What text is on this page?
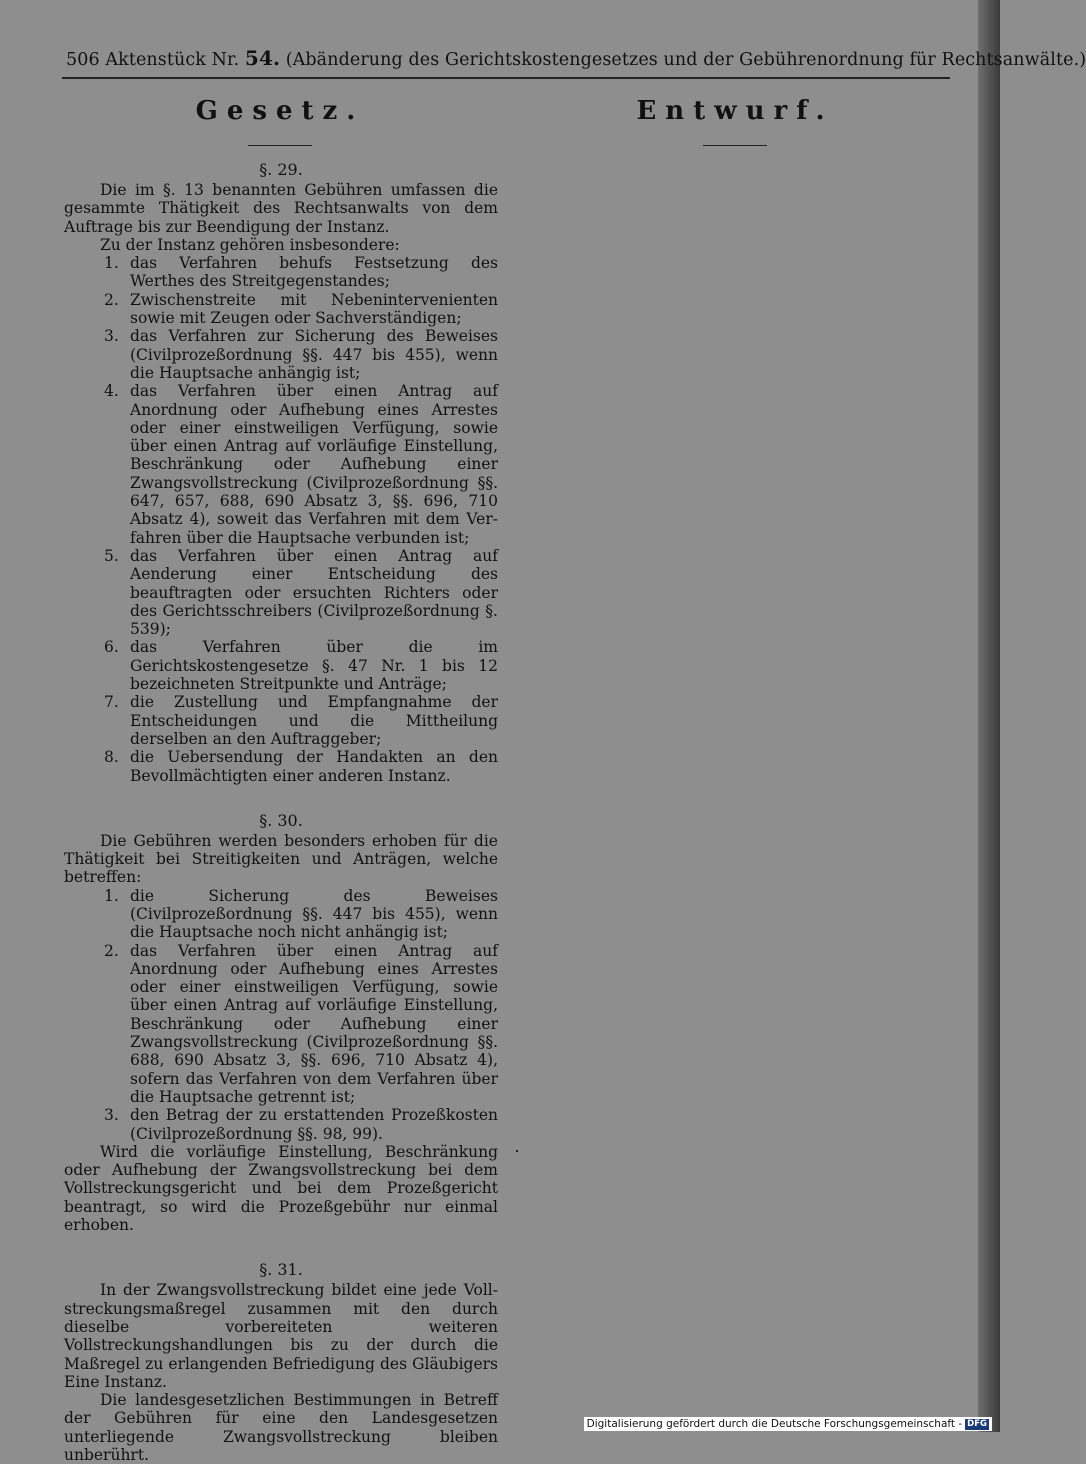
506 Aktenstück Nr. 54. (Abänderung des Gerichtskostengesetzes und der Gebührenordnung für Rechtsanwälte.)
Gesetz.	Entwurf.
§. 29.

Die im §. 13 benannten Gebühren umfassen die gesammte Thätigkeit des Rechtsanwalts von dem Auftrage bis zur Beendigung der Instanz.

Zu der Instanz gehören insbesondere:

1. das Verfahren behufs Festsetzung des Werthes des Streitgegenstandes;
2. Zwischenstreite mit Nebenintervenienten sowie mit Zeugen oder Sachverständigen;
3. das Verfahren zur Sicherung des Beweises (Civilprozeßordnung §§. 447 bis 455), wenn die Hauptsache anhängig ist;
4. das Verfahren über einen Antrag auf Anordnung oder Aufhebung eines Arrestes oder einer einstweiligen Verfügung, sowie über einen Antrag auf vorläufige Einstellung, Beschränkung oder Aufhebung einer Zwangsvollstreckung (Civilprozeßordnung §§. 647, 657, 688, 690 Absatz 3, §§. 696, 710 Absatz 4), soweit das Verfahren mit dem Verfahren über die Hauptsache verbunden ist;
5. das Verfahren über einen Antrag auf Aenderung einer Entscheidung des beauftragten oder ersuchten Richters oder des Gerichtsschreibers (Civilprozeßordnung §. 539);
6. das Verfahren über die im Gerichtskostengesetze §. 47 Nr. 1 bis 12 bezeichneten Streitpunkte und Anträge;
7. die Zustellung und Empfangnahme der Entscheidungen und die Mittheilung derselben an den Auftraggeber;
8. die Uebersendung der Handakten an den Bevollmächtigten einer anderen Instanz.
§. 30.

Die Gebühren werden besonders erhoben für die Thätigkeit bei Streitigkeiten und Anträgen, welche betreffen:

1. die Sicherung des Beweises (Civilprozeßordnung §§. 447 bis 455), wenn die Hauptsache noch nicht anhängig ist;
2. das Verfahren über einen Antrag auf Anordnung oder Aufhebung eines Arrestes oder einer einstweiligen Verfügung, sowie über einen Antrag auf vorläufige Einstellung, Beschränkung oder Aufhebung einer Zwangsvollstreckung (Civilprozeßordnung §§. 688, 690 Absatz 3, §§. 696, 710 Absatz 4), sofern das Verfahren von dem Verfahren über die Hauptsache getrennt ist;
3. den Betrag der zu erstattenden Prozeßkosten (Civilprozeßordnung §§. 98, 99).

Wird die vorläufige Einstellung, Beschränkung oder Aufhebung der Zwangsvollstreckung bei dem Vollstreckungsgericht und bei dem Prozeßgericht beantragt, so wird die Prozeßgebühr nur einmal erhoben.

§. 31.

In der Zwangsvollstreckung bildet eine jede Vollstreckungsmaßregel zusammen mit den durch dieselbe vorbereiteten weiteren Vollstreckungshandlungen bis zu der durch die Maßregel zu erlangenden Befriedigung des Gläubigers Eine Instanz.

Die landesgesetzlichen Bestimmungen in Betreff der Gebühren für eine den Landesgesetzen unterliegende Zwangsvollstreckung bleiben unberührt.

Digitalisierung gefördert durch die Deutsche Forschungsgemeinschaft - DFG
